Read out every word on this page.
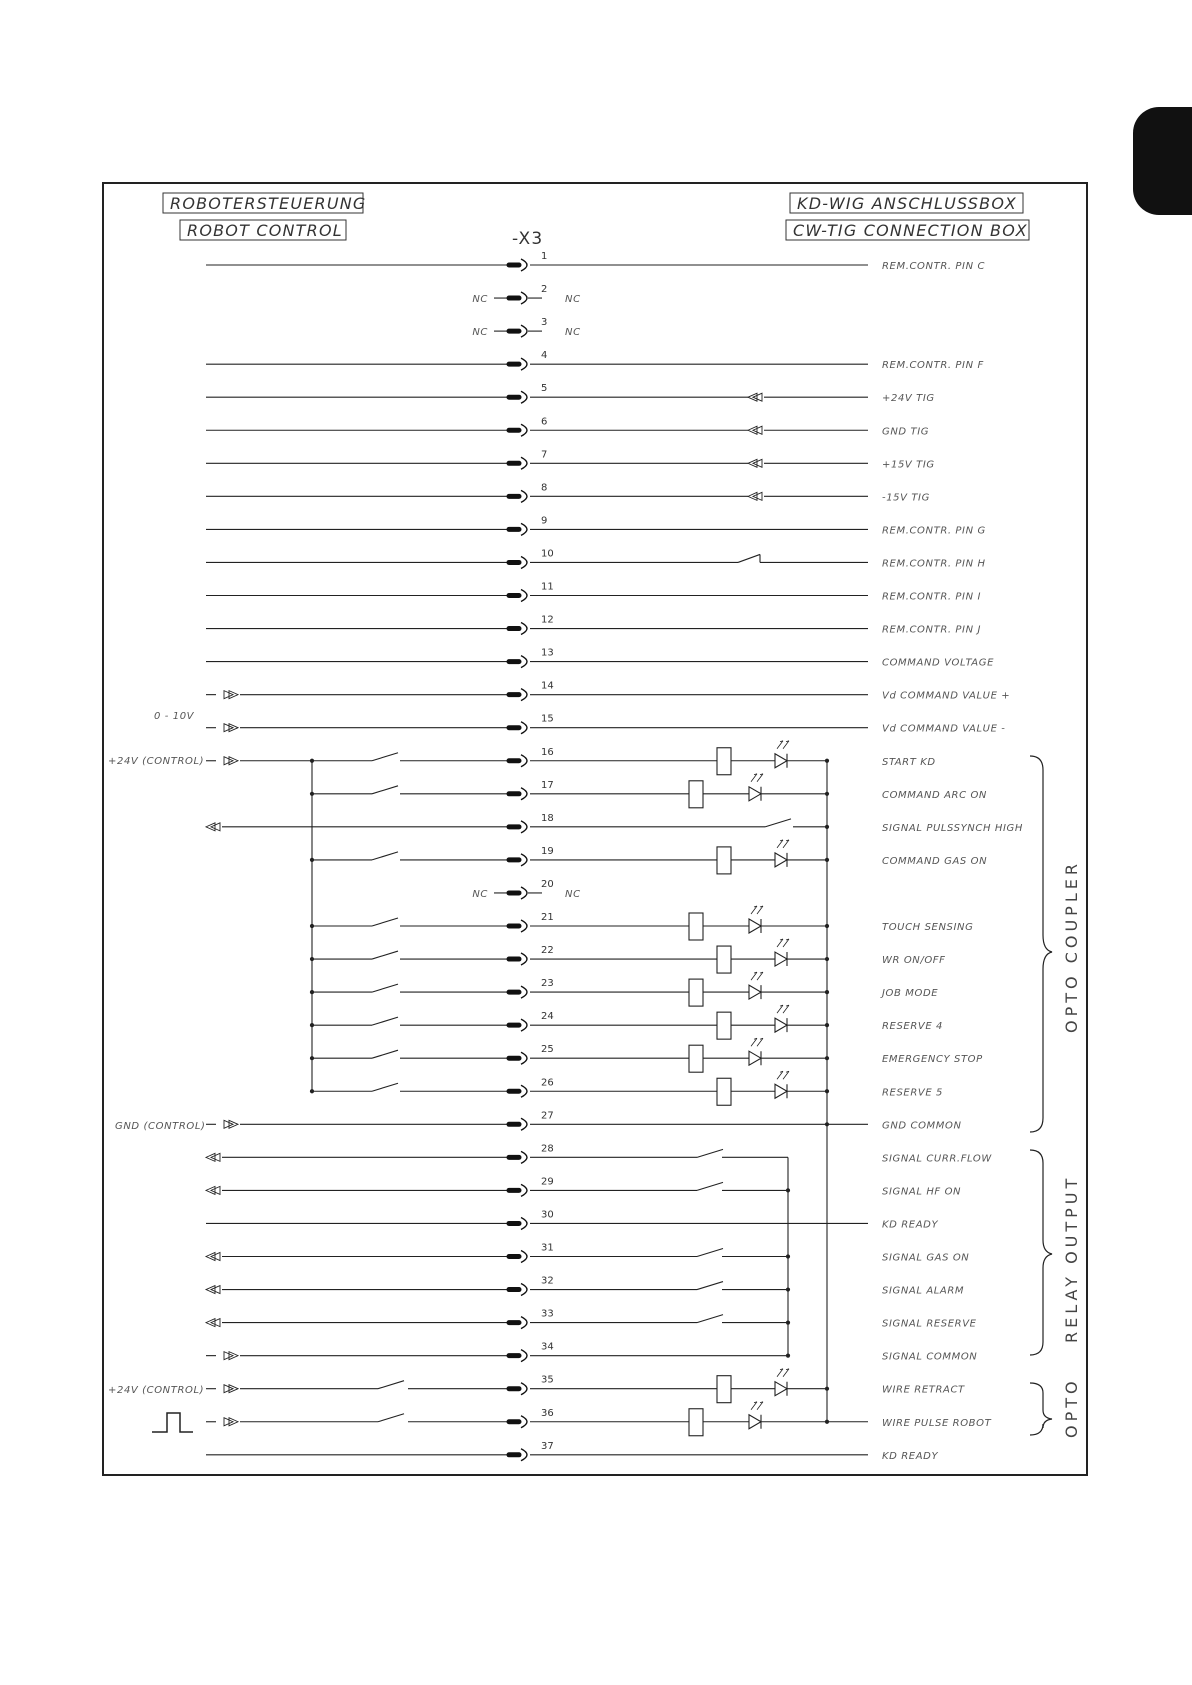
ROBOTERSTEUERUNG
ROBOT CONTROL
KD-WIG ANSCHLUSSBOX
CW-TIG CONNECTION BOX
-X3
0 - 10V
+24V (CONTROL)
GND (CONTROL)
+24V (CONTROL)
OPTO COUPLER
RELAY OUTPUT
OPTO
1
REM.CONTR. PIN C
2
NC	NC
3
NC	NC
4
REM.CONTR. PIN F
5
+24V TIG
6
GND TIG
7
+15V TIG
8
-15V TIG
9
REM.CONTR. PIN G
10
REM.CONTR. PIN H
11
REM.CONTR. PIN I
12
REM.CONTR. PIN J
13
COMMAND VOLTAGE
14
Vd COMMAND VALUE +
15
Vd COMMAND VALUE -
16
START KD
17
COMMAND ARC ON
18
SIGNAL PULSSYNCH HIGH
19
COMMAND GAS ON
20
NC	NC
21
TOUCH SENSING
22
WR ON/OFF
23
JOB MODE
24
RESERVE 4
25
EMERGENCY STOP
26
RESERVE 5
27
GND COMMON
28
SIGNAL CURR.FLOW
29
SIGNAL HF ON
30
KD READY
31
SIGNAL GAS ON
32
SIGNAL ALARM
33
SIGNAL RESERVE
34
SIGNAL COMMON
35
WIRE RETRACT
36
WIRE PULSE ROBOT
37
KD READY
